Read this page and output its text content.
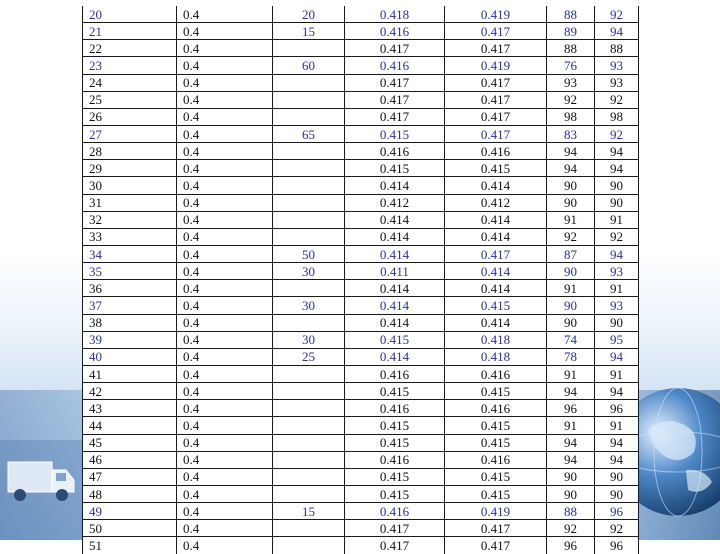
20	0.4	20	0.418	0.419	88	92
21	0.4	15	0.416	0.417	89	94
22	0.4		0.417	0.417	88	88
23	0.4	60	0.416	0.419	76	93
24	0.4		0.417	0.417	93	93
25	0.4		0.417	0.417	92	92
26	0.4		0.417	0.417	98	98
27	0.4	65	0.415	0.417	83	92
28	0.4		0.416	0.416	94	94
29	0.4		0.415	0.415	94	94
30	0.4		0.414	0.414	90	90
31	0.4		0.412	0.412	90	90
32	0.4		0.414	0.414	91	91
33	0.4		0.414	0.414	92	92
34	0.4	50	0.414	0.417	87	94
35	0.4	30	0.411	0.414	90	93
36	0.4		0.414	0.414	91	91
37	0.4	30	0.414	0.415	90	93
38	0.4		0.414	0.414	90	90
39	0.4	30	0.415	0.418	74	95
40	0.4	25	0.414	0.418	78	94
41	0.4		0.416	0.416	91	91
42	0.4		0.415	0.415	94	94
43	0.4		0.416	0.416	96	96
44	0.4		0.415	0.415	91	91
45	0.4		0.415	0.415	94	94
46	0.4		0.416	0.416	94	94
47	0.4		0.415	0.415	90	90
48	0.4		0.415	0.415	90	90
49	0.4	15	0.416	0.419	88	96
50	0.4		0.417	0.417	92	92
51	0.4		0.417	0.417	96	96
